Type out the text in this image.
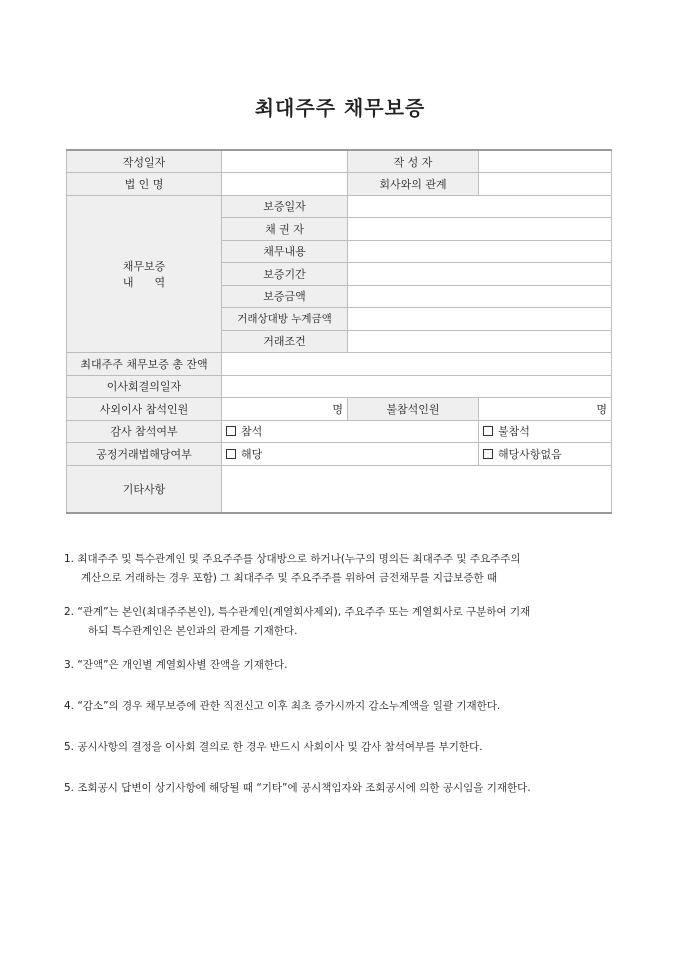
최대주주 채무보증
작성일자		작 성 자	
법 인 명		회사와의 관계	

채무보증
내      역	보증일자		
	채 권 자		
	채무내용		
	보증기간		
	보증금액		
	거래상대방 누계금액		
	거래조건		
최대주주 채무보증 총 잔액			
이사회결의일자			
사외이사 참석인원	명	불참석인원	명
감사 참석여부	참석		불참석
공정거래법해당여부	해당		해당사항없음
기타사항			
1. 최대주주 및 특수관계인 및 주요주주를 상대방으로 하거나(누구의 명의든 최대주주 및 주요주주의
계산으로 거래하는 경우 포함) 그 최대주주 및 주요주주를 위하여 금전채무를 지급보증한 때
2. “관계”는 본인(최대주주본인), 특수관계인(계열회사제외), 주요주주 또는 계열회사로 구분하여 기재
하되 특수관계인은 본인과의 관계를 기재한다.
3. “잔액”은 개인별 계열회사별 잔액을 기재한다.
4. “감소”의 경우 채무보증에 관한 직전신고 이후 최초 증가시까지 감소누계액을 일괄 기재한다.
5. 공시사항의 결정을 이사회 결의로 한 경우 반드시 사회이사 및 감사 참석여부를 부기한다.
5. 조회공시 답변이 상기사항에 해당될 때 “기타”에 공시책임자와 조회공시에 의한 공시임을 기재한다.
